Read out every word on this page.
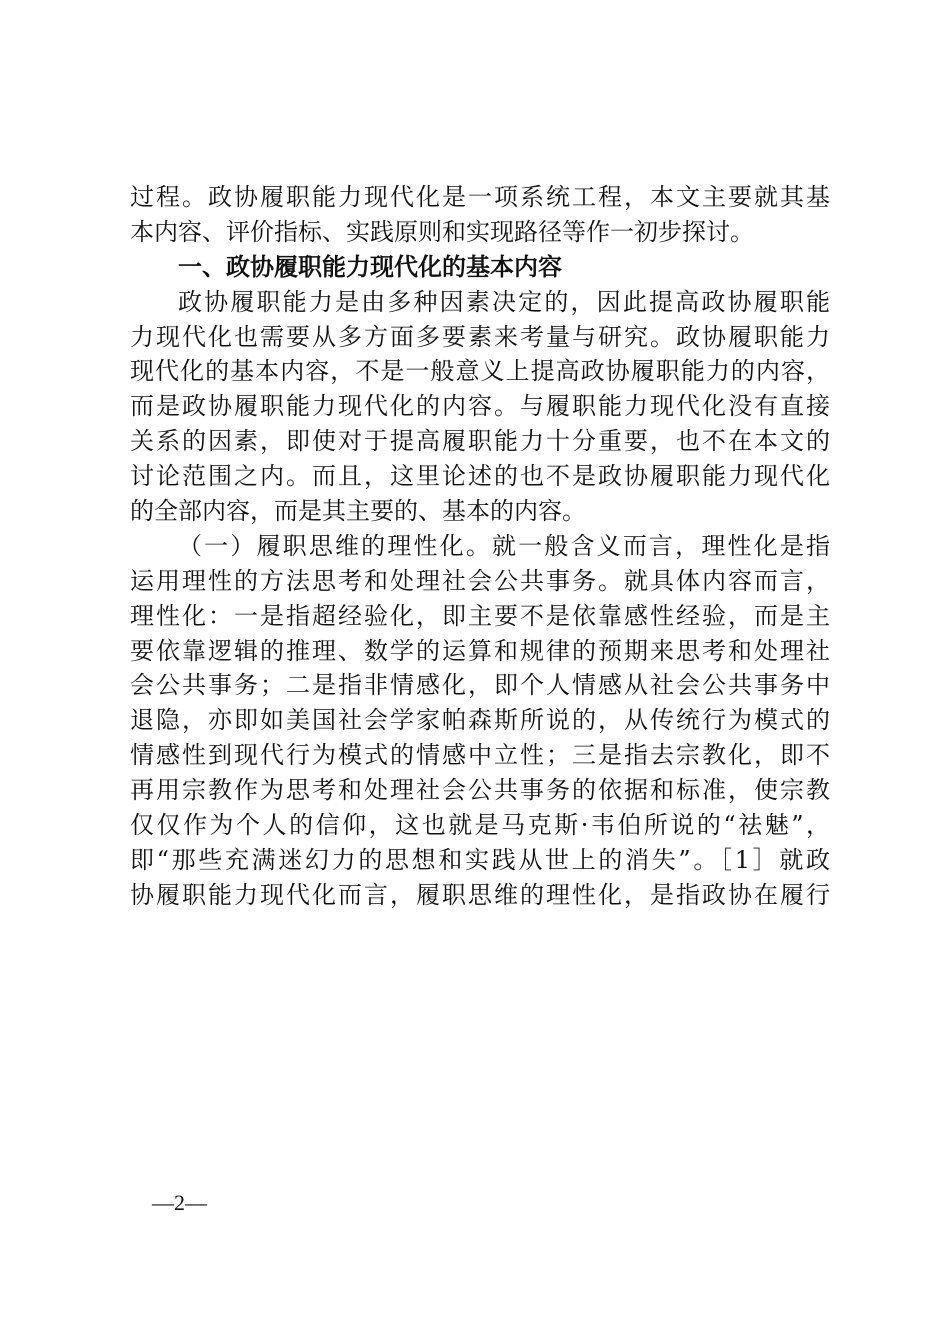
过程。政协履职能力现代化是一项系统工程，本文主要就其基
本内容、评价指标、实践原则和实现路径等作一初步探讨。
一、政协履职能力现代化的基本内容
政协履职能力是由多种因素决定的，因此提高政协履职能
力现代化也需要从多方面多要素来考量与研究。政协履职能力
现代化的基本内容，不是一般意义上提高政协履职能力的内容，
而是政协履职能力现代化的内容。与履职能力现代化没有直接
关系的因素，即使对于提高履职能力十分重要，也不在本文的
讨论范围之内。而且，这里论述的也不是政协履职能力现代化
的全部内容，而是其主要的、基本的内容。
（一）履职思维的理性化。就一般含义而言，理性化是指
运用理性的方法思考和处理社会公共事务。就具体内容而言，
理性化：一是指超经验化，即主要不是依靠感性经验，而是主
要依靠逻辑的推理、数学的运算和规律的预期来思考和处理社
会公共事务；二是指非情感化，即个人情感从社会公共事务中
退隐，亦即如美国社会学家帕森斯所说的，从传统行为模式的
情感性到现代行为模式的情感中立性；三是指去宗教化，即不
再用宗教作为思考和处理社会公共事务的依据和标准，使宗教
仅仅作为个人的信仰，这也就是马克斯·韦伯所说的“祛魅”，
即“那些充满迷幻力的思想和实践从世上的消失”。［1］就政
协履职能力现代化而言，履职思维的理性化，是指政协在履行
—2—
